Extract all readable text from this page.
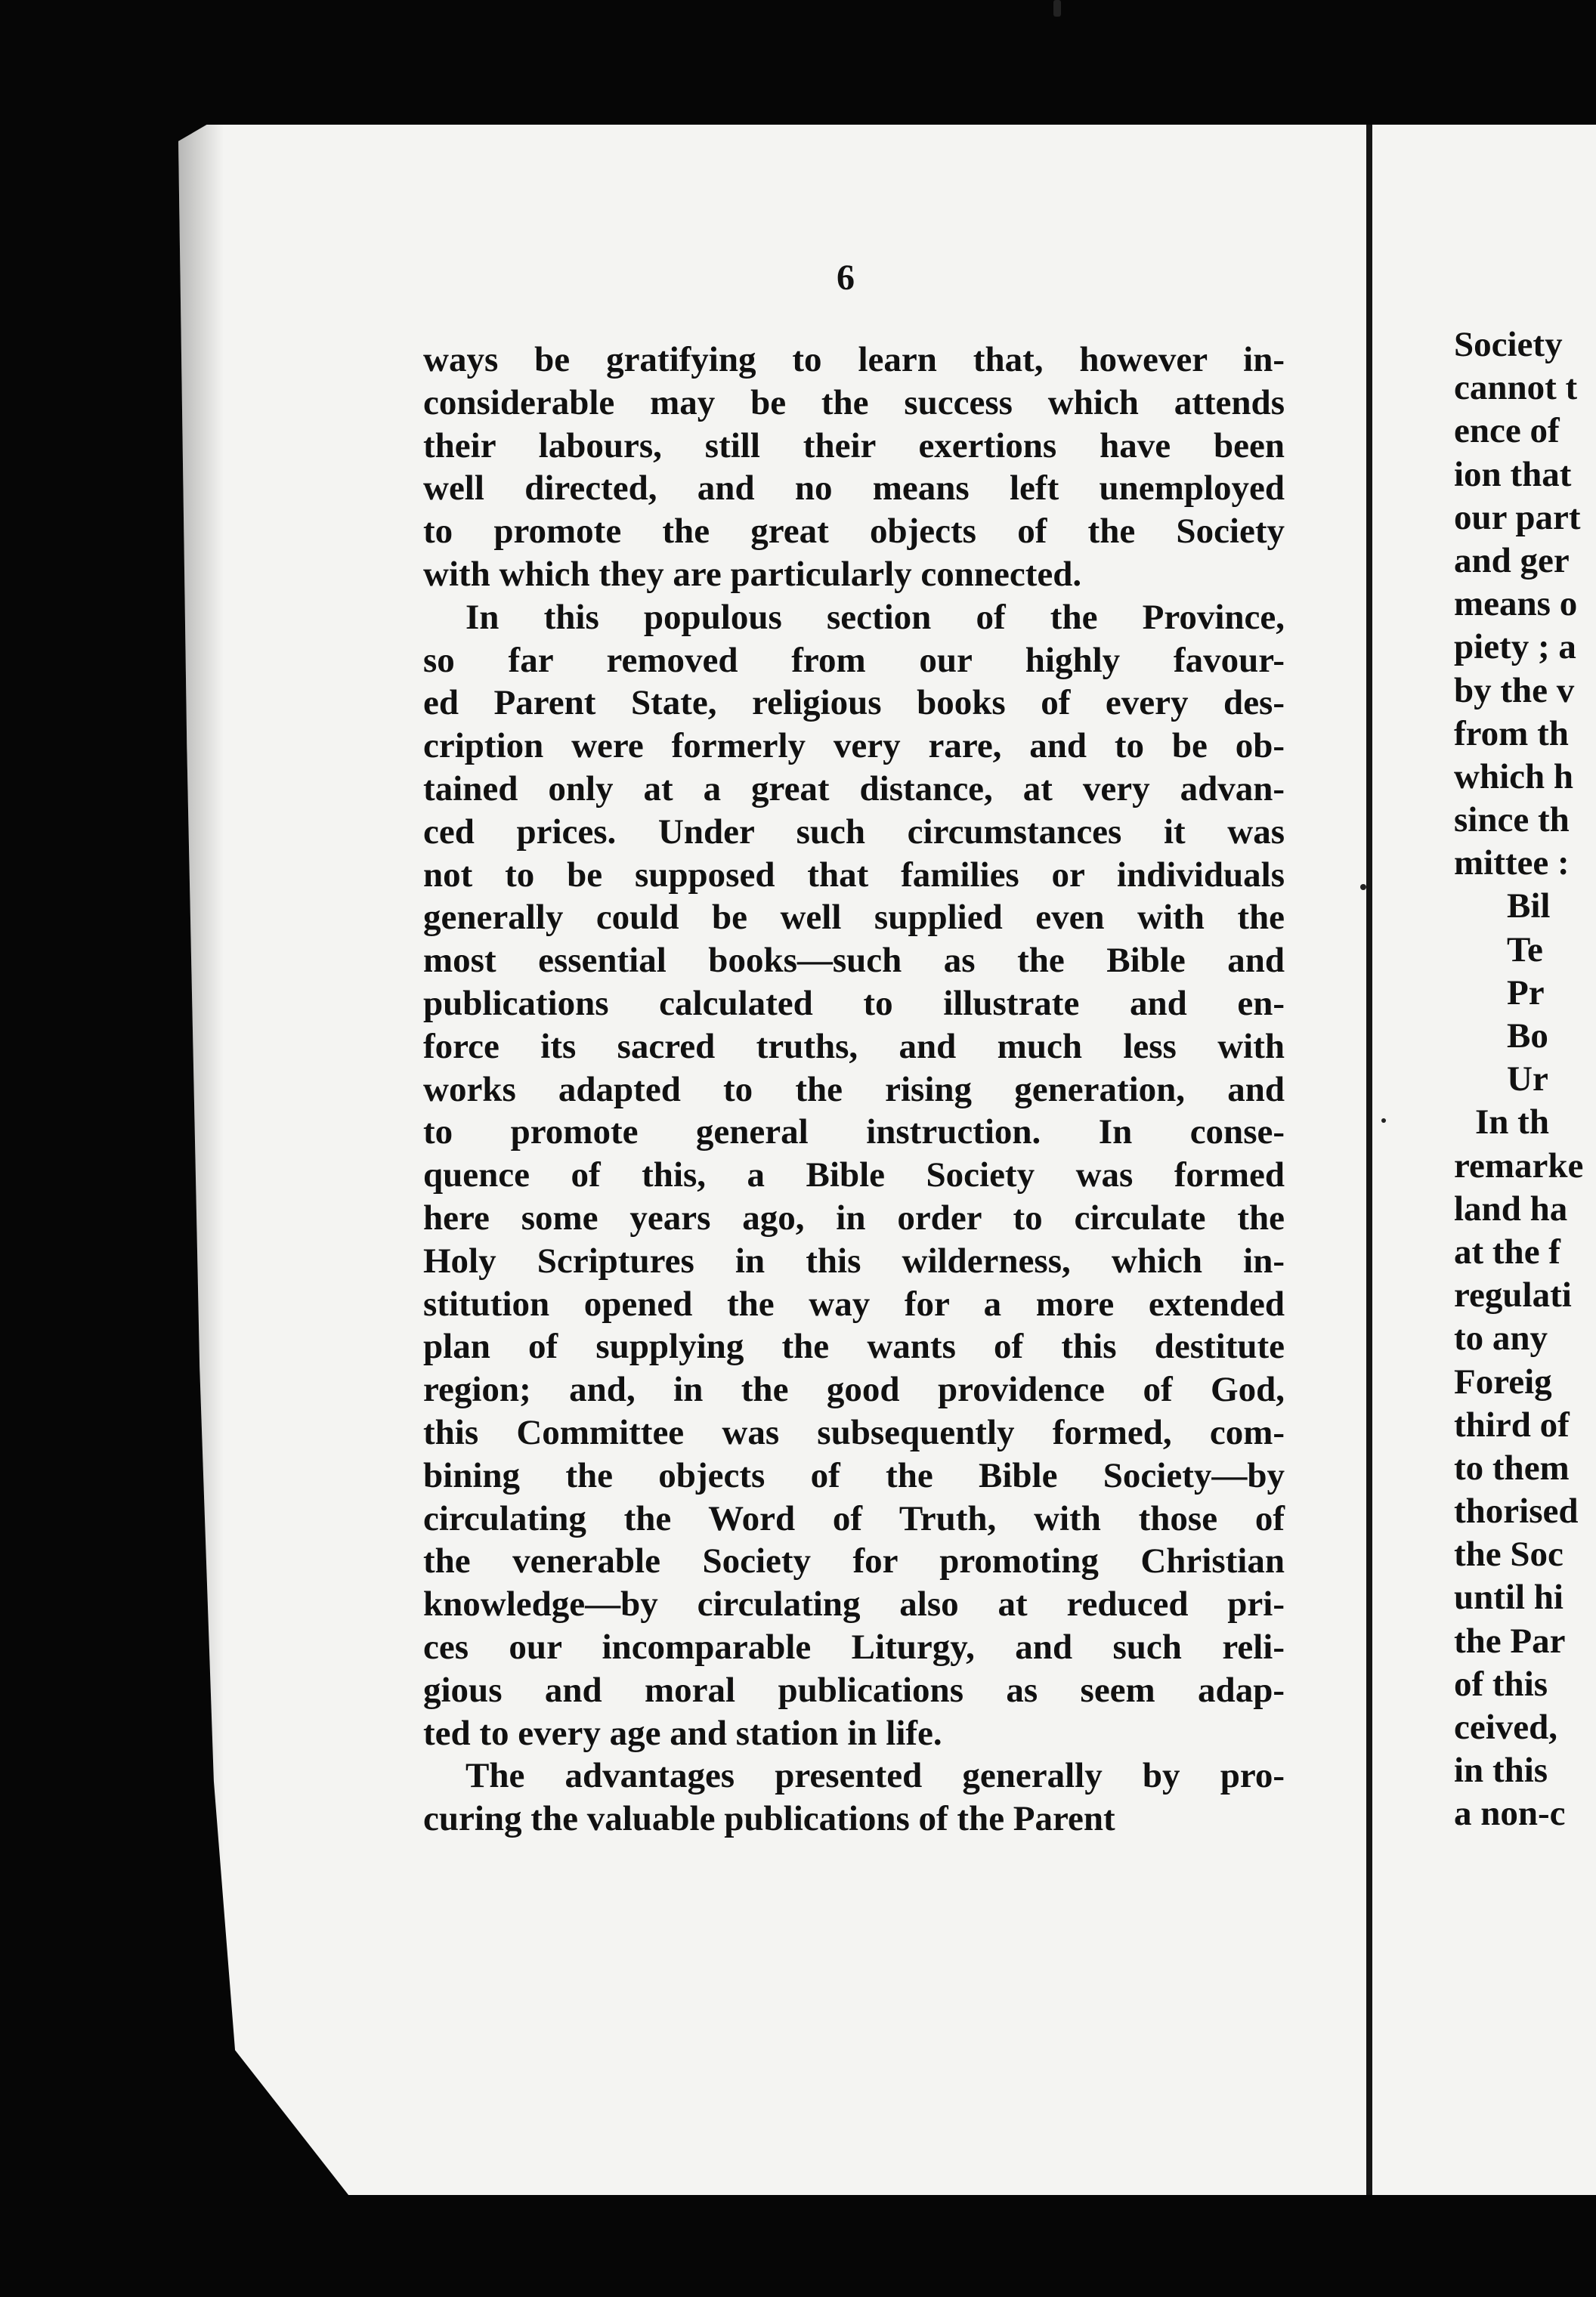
6
ways be gratifying to learn that, however in-
considerable may be the success which attends
their labours, still their exertions have been
well directed, and no means left unemployed
to promote the great objects of the Society
with which they are particularly connected.
In this populous section of the Province,
so far removed from our highly favour-
ed Parent State, religious books of every des-
cription were formerly very rare, and to be ob-
tained only at a great distance, at very advan-
ced prices. Under such circumstances it was
not to be supposed that families or individuals
generally could be well supplied even with the
most essential books—such as the Bible and
publications calculated to illustrate and en-
force its sacred truths, and much less with
works adapted to the rising generation, and
to promote general instruction. In conse-
quence of this, a Bible Society was formed
here some years ago, in order to circulate the
Holy Scriptures in this wilderness, which in-
stitution opened the way for a more extended
plan of supplying the wants of this destitute
region; and, in the good providence of God,
this Committee was subsequently formed, com-
bining the objects of the Bible Society—by
circulating the Word of Truth, with those of
the venerable Society for promoting Christian
knowledge—by circulating also at reduced pri-
ces our incomparable Liturgy, and such reli-
gious and moral publications as seem adap-
ted to every age and station in life.
The advantages presented generally by pro-
curing the valuable publications of the Parent
Society
cannot t
ence of
ion that
our part
and ger
means o
piety ; a
by the v
from th
which h
since th
mittee :
Bil
Te
Pr
Bo
Ur
In th
remarke
land ha
at the f
regulati
to any
Foreig
third of
to them
thorised
the Soc
until hi
the Par
of this
ceived,
in this
a non-c
